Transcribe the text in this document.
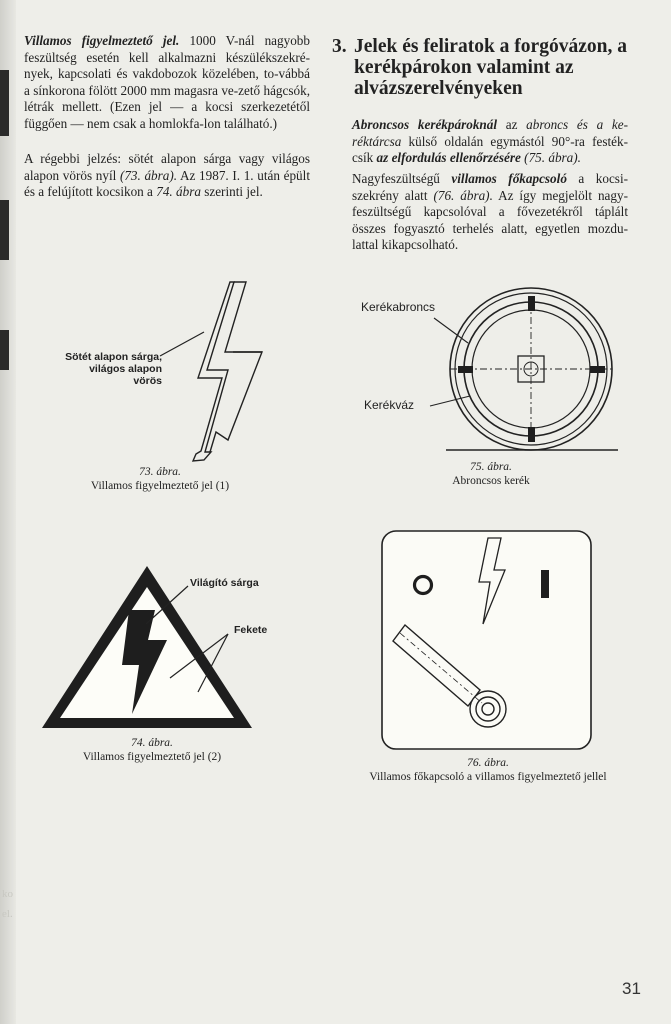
ko
el.

Villamos figyelmeztető jel. 1000 V-nál nagyobb feszültség esetén kell alkalmazni készülékszekré-nyek, kapcsolati és vakdobozok közelében, to-vábbá a sínkorona fölött 2000 mm magasra ve-zető hágcsók, létrák mellett. (Ezen jel — a kocsi szerkezetétől függően — nem csak a homlokfa-lon található.)

A régebbi jelzés: sötét alapon sárga vagy világos alapon vörös nyíl (73. ábra). Az 1987. I. 1. után épült és a felújított kocsikon a 74. ábra szerinti jel.

Sötét alapon sárga,
világos alapon vörös
73. ábra.
Villamos figyelmeztető jel (1)
Világító sárga
Fekete
74. ábra.
Villamos figyelmeztető jel (2)
3. Jelek és feliratok a forgóvázon, a kerékpárokon valamint az alvázszerelvényeken

Abroncsos kerékpároknál az abroncs és a ke-réktárcsa külső oldalán egymástól 90°-ra festék-csík az elfordulás ellenőrzésére (75. ábra).

Nagyfeszültségű villamos főkapcsoló a kocsi-szekrény alatt (76. ábra). Az így megjelölt nagy-feszültségű kapcsolóval a fővezetékről táplált összes fogyasztó terhelés alatt, egyetlen mozdu-lattal kikapcsolható.

Kerékabroncs
Kerékváz
75. ábra.
Abroncsos kerék
76. ábra.
Villamos főkapcsoló a villamos figyelmeztető jellel
31
